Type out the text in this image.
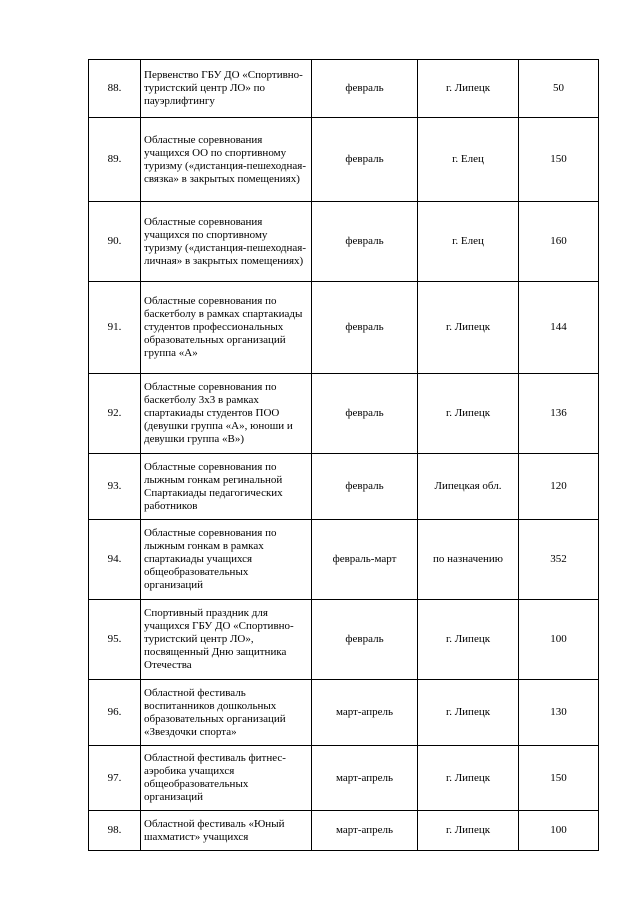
88.	Первенство ГБУ ДО «Спортивно-туристский центр ЛО» по пауэрлифтингу	февраль	г. Липецк	50
89.	Областные соревнования учащихся ОО по спортивному туризму («дистанция-пешеходная-связка» в закрытых помещениях)	февраль	г. Елец	150
90.	Областные соревнования учащихся по спортивному туризму («дистанция-пешеходная-личная» в закрытых помещениях)	февраль	г. Елец	160
91.	Областные соревнования по баскетболу в рамках спартакиады студентов профессиональных образовательных организаций группа «А»	февраль	г. Липецк	144
92.	Областные соревнования по баскетболу 3х3 в рамках спартакиады студентов ПОО (девушки группа «А», юноши и девушки группа «В»)	февраль	г. Липецк	136
93.	Областные соревнования по лыжным гонкам регинальной Спартакиады педагогических работников	февраль	Липецкая обл.	120
94.	Областные соревнования по лыжным гонкам в рамках спартакиады учащихся общеобразовательных организаций	февраль-март	по назначению	352
95.	Спортивный праздник для учащихся ГБУ ДО «Спортивно-туристский центр ЛО», посвященный Дню защитника Отечества	февраль	г. Липецк	100
96.	Областной фестиваль воспитанников дошкольных образовательных организаций «Звездочки спорта»	март-апрель	г. Липецк	130
97.	Областной фестиваль фитнес-аэробика учащихся общеобразовательных организаций	март-апрель	г. Липецк	150
98.	Областной фестиваль «Юный шахматист» учащихся	март-апрель	г. Липецк	100
